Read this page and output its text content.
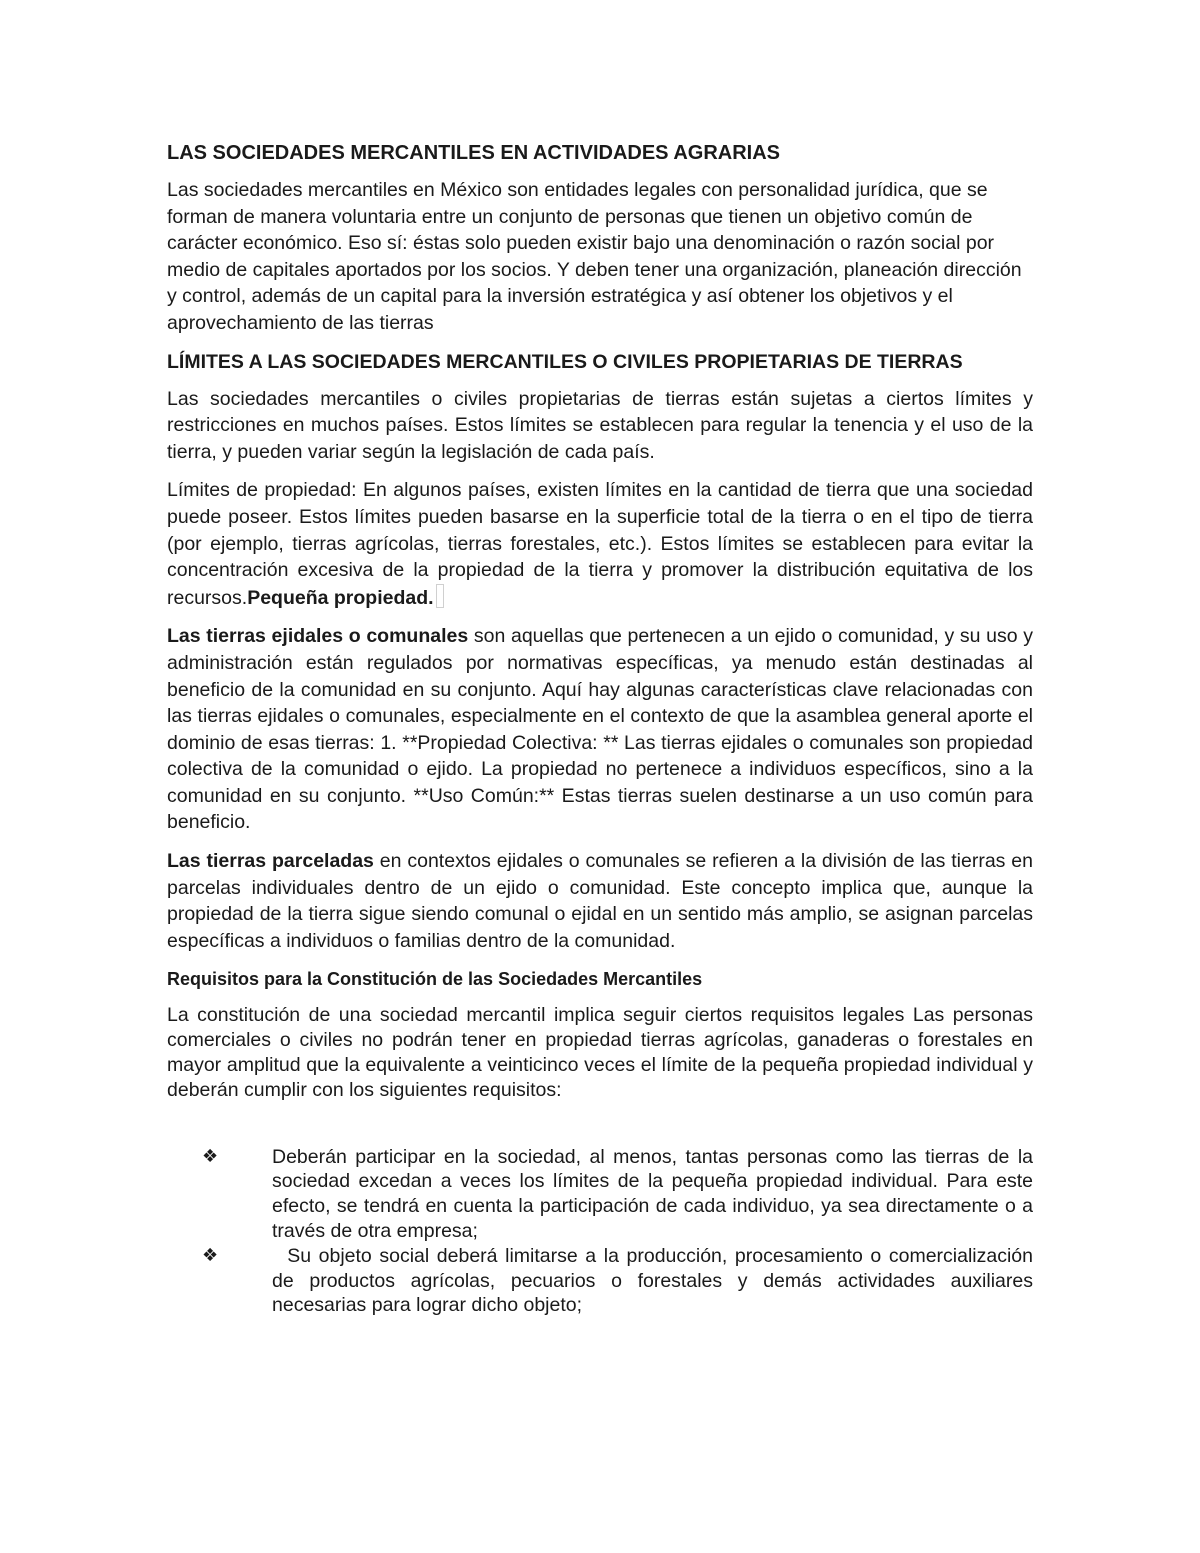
LAS SOCIEDADES MERCANTILES EN ACTIVIDADES AGRARIAS

Las sociedades mercantiles en México son entidades legales con personalidad jurídica, que se forman de manera voluntaria entre un conjunto de personas que tienen un objetivo común de carácter económico. Eso sí: éstas solo pueden existir bajo una denominación o razón social por medio de capitales aportados por los socios. Y deben tener una organización, planeación dirección y control, además de un capital para la inversión estratégica y así obtener los objetivos y el aprovechamiento de las tierras

LÍMITES A LAS SOCIEDADES MERCANTILES O CIVILES PROPIETARIAS DE TIERRAS

Las sociedades mercantiles o civiles propietarias de tierras están sujetas a ciertos límites y restricciones en muchos países. Estos límites se establecen para regular la tenencia y el uso de la tierra, y pueden variar según la legislación de cada país.

Límites de propiedad: En algunos países, existen límites en la cantidad de tierra que una sociedad puede poseer. Estos límites pueden basarse en la superficie total de la tierra o en el tipo de tierra (por ejemplo, tierras agrícolas, tierras forestales, etc.). Estos límites se establecen para evitar la concentración excesiva de la propiedad de la tierra y promover la distribución equitativa de los recursos.Pequeña propiedad.

Las tierras ejidales o comunales son aquellas que pertenecen a un ejido o comunidad, y su uso y administración están regulados por normativas específicas, ya menudo están destinadas al beneficio de la comunidad en su conjunto. Aquí hay algunas características clave relacionadas con las tierras ejidales o comunales, especialmente en el contexto de que la asamblea general aporte el dominio de esas tierras: 1. **Propiedad Colectiva: ** Las tierras ejidales o comunales son propiedad colectiva de la comunidad o ejido. La propiedad no pertenece a individuos específicos, sino a la comunidad en su conjunto. **Uso Común:** Estas tierras suelen destinarse a un uso común para beneficio.

Las tierras parceladas en contextos ejidales o comunales se refieren a la división de las tierras en parcelas individuales dentro de un ejido o comunidad. Este concepto implica que, aunque la propiedad de la tierra sigue siendo comunal o ejidal en un sentido más amplio, se asignan parcelas específicas a individuos o familias dentro de la comunidad.

Requisitos para la Constitución de las Sociedades Mercantiles

La constitución de una sociedad mercantil implica seguir ciertos requisitos legales Las personas comerciales o civiles no podrán tener en propiedad tierras agrícolas, ganaderas o forestales en mayor amplitud que la equivalente a veinticinco veces el límite de la pequeña propiedad individual y deberán cumplir con los siguientes requisitos:

❖	Deberán participar en la sociedad, al menos, tantas personas como las tierras de la sociedad excedan a veces los límites de la pequeña propiedad individual. Para este efecto, se tendrá en cuenta la participación de cada individuo, ya sea directamente o a través de otra empresa;
❖	Su objeto social deberá limitarse a la producción, procesamiento o comercialización de productos agrícolas, pecuarios o forestales y demás actividades auxiliares necesarias para lograr dicho objeto;
